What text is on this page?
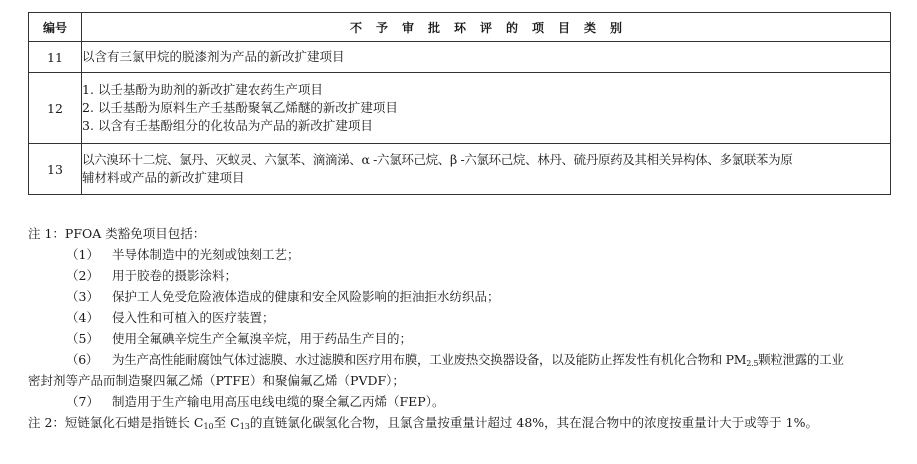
编号	不予审批环评的项目类别
11	以含有三氯甲烷的脱漆剂为产品的新改扩建项目

12	1. 以壬基酚为助剂的新改扩建农药生产项目
2. 以壬基酚为原料生产壬基酚聚氧乙烯醚的新改扩建项目
3. 以含有壬基酚组分的化妆品为产品的新改扩建项目

13	以六溴环十二烷、氯丹、灭蚁灵、六氯苯、滴滴涕、α -六氯环己烷、β -六氯环己烷、林丹、硫丹原药及其相关异构体、多氯联苯为原
辅材料或产品的新改扩建项目
注 1：PFOA 类豁免项目包括：
（1） 半导体制造中的光刻或蚀刻工艺；
（2） 用于胶卷的摄影涂料；
（3） 保护工人免受危险液体造成的健康和安全风险影响的拒油拒水纺织品；
（4） 侵入性和可植入的医疗装置；
（5） 使用全氟碘辛烷生产全氟溴辛烷，用于药品生产目的；
（6） 为生产高性能耐腐蚀气体过滤膜、水过滤膜和医疗用布膜，工业废热交换器设备，以及能防止挥发性有机化合物和 $PM_{2.5}$颗粒泄露的工业
密封剂等产品而制造聚四氟乙烯（PTFE）和聚偏氟乙烯（PVDF）；
（7） 制造用于生产输电用高压电线电缆的聚全氟乙丙烯（FEP）。
注 2：短链氯化石蜡是指链长 $C_{10}$至 $C_{13}$的直链氯化碳氢化合物，且氯含量按重量计超过 48%，其在混合物中的浓度按重量计大于或等于 1%。
